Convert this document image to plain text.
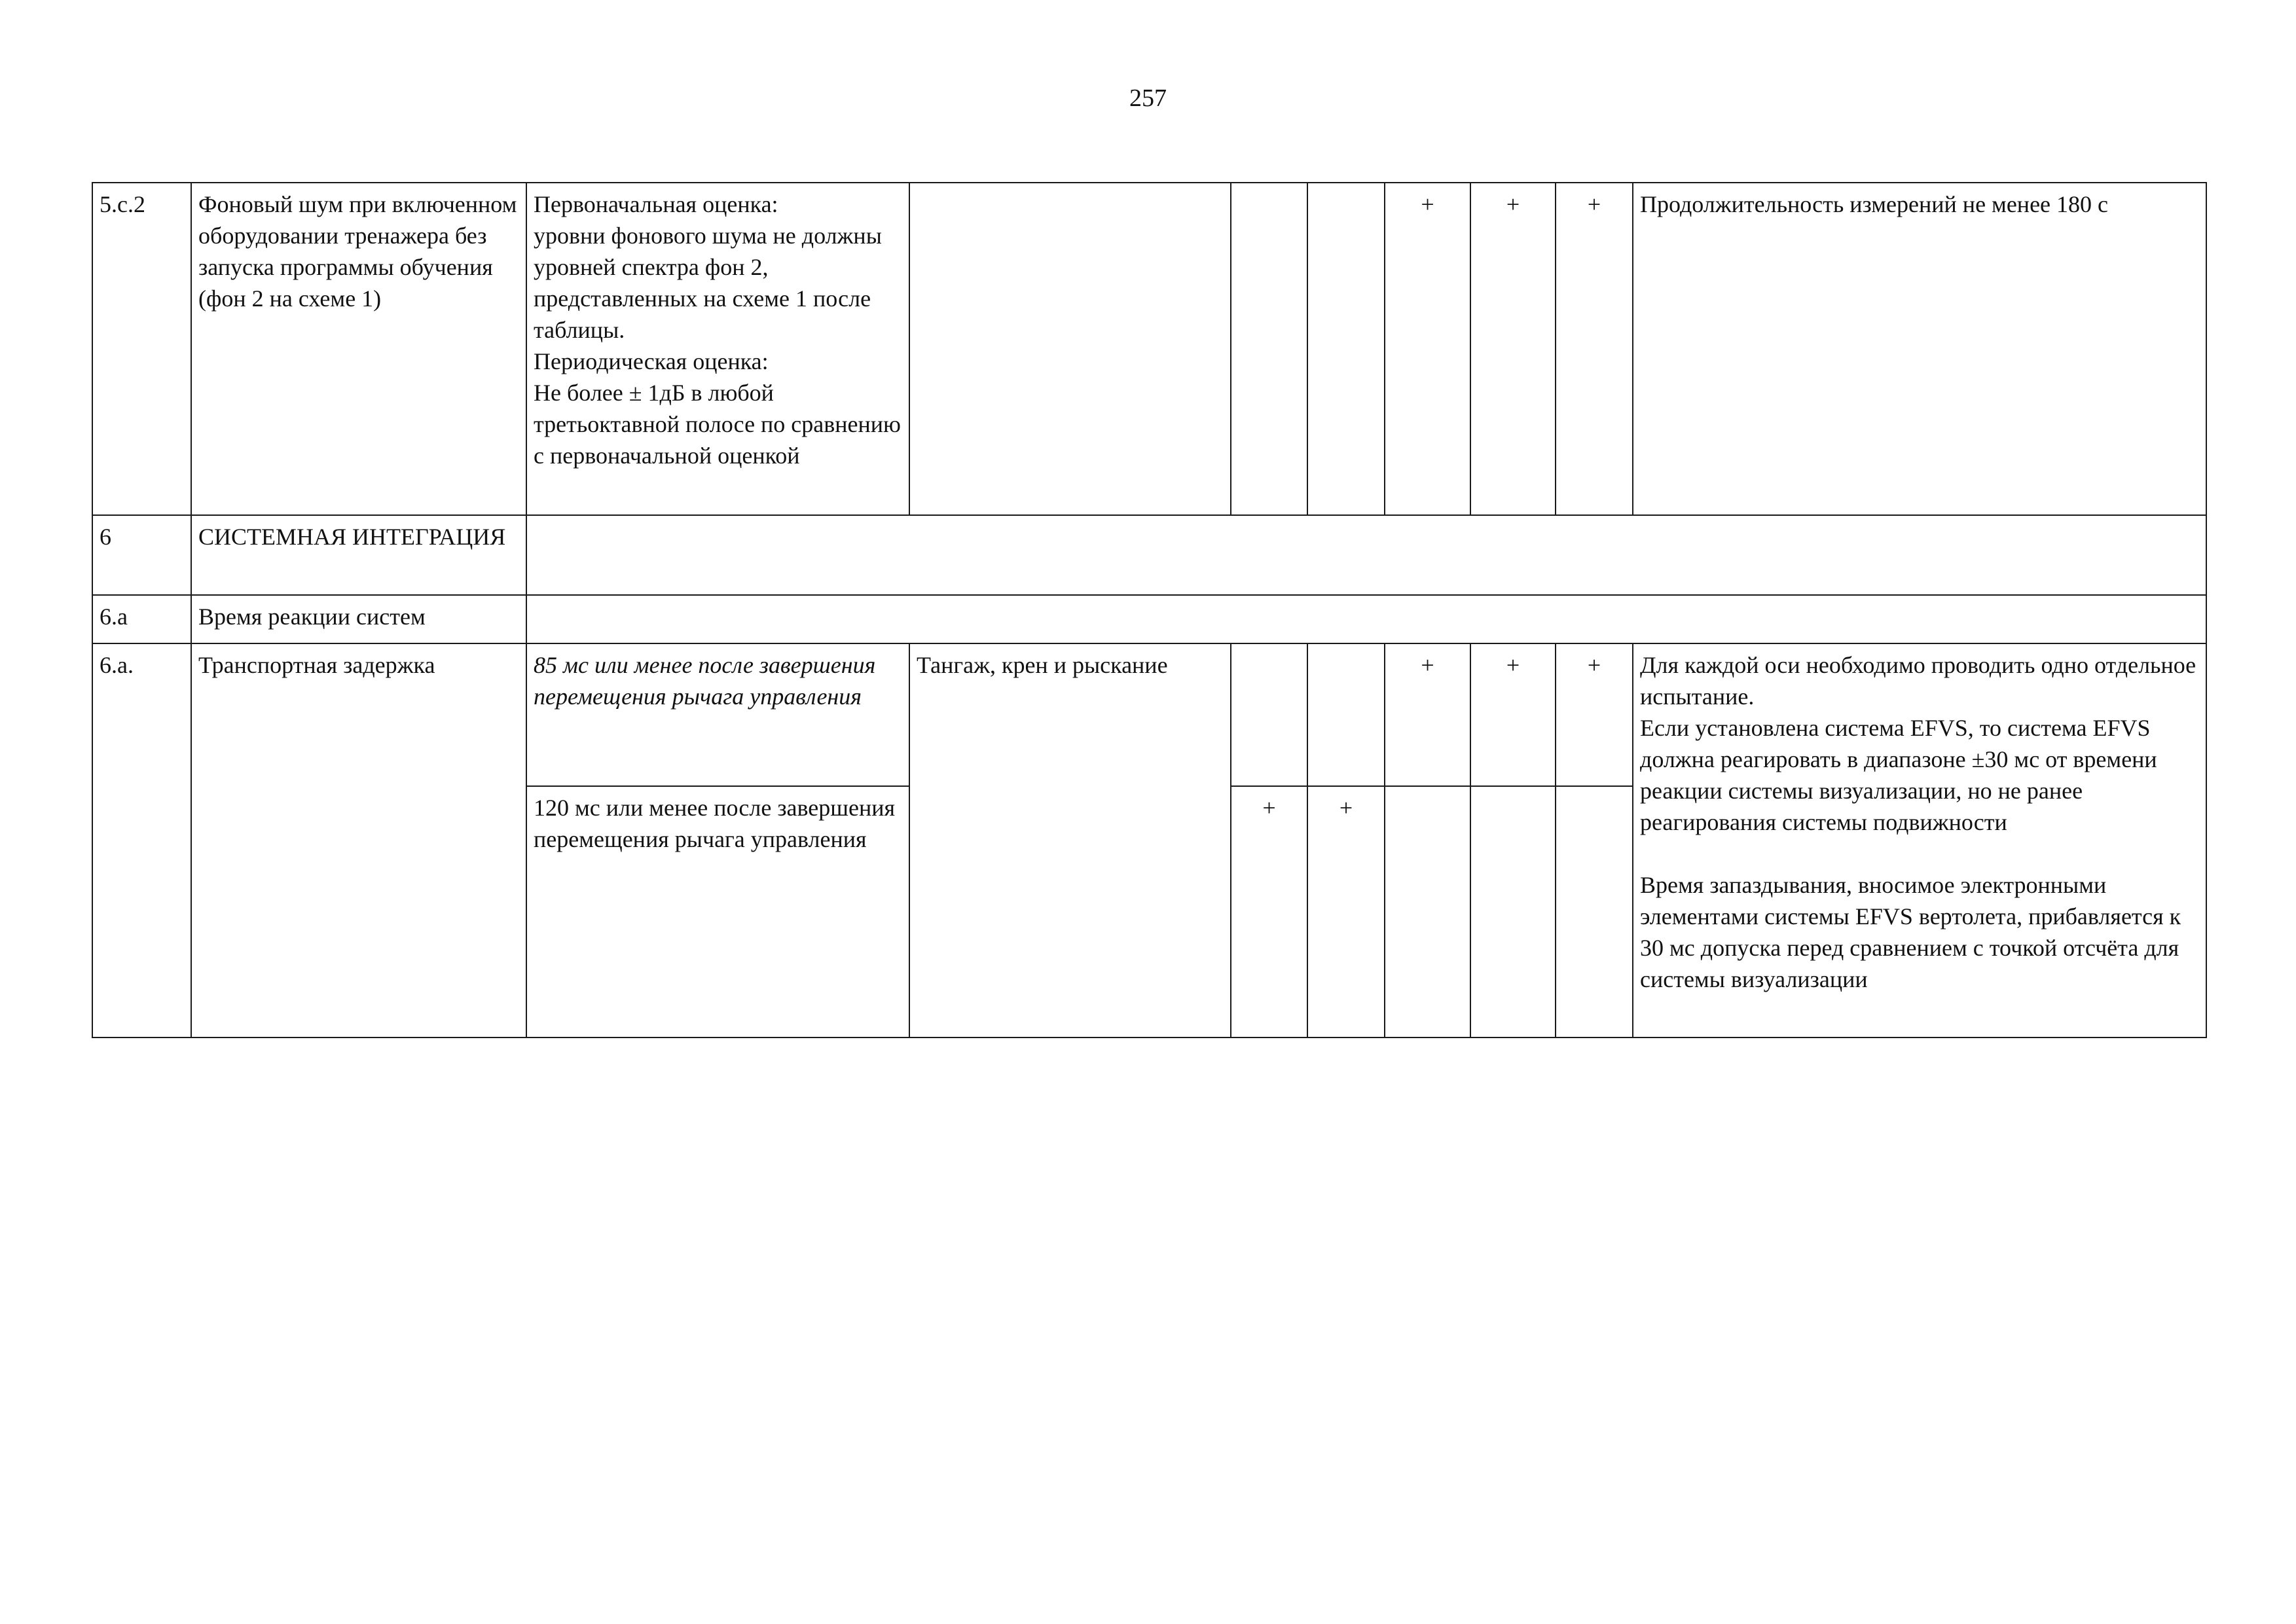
257
5.c.2	Фоновый шум при включенном оборудовании тренажера без запуска программы обучения (фон 2 на схеме 1)	Первоначальная оценка:
уровни фонового шума не должны уровней спектра фон 2, представленных на схеме 1 после таблицы.
Периодическая оценка:
Не более ± 1дБ в любой третьоктавной полосе по сравнению с первоначальной оценкой				+	+	+	Продолжительность измерений не менее 180 с
6	СИСТЕМНАЯ ИНТЕГРАЦИЯ								
6.а	Время реакции систем								
6.а.	Транспортная задержка	85 мс или менее после завершения перемещения рычага управления	Тангаж, крен и рыскание			+	+	+	Для каждой оси необходимо проводить одно отдельное испытание.
Если установлена система EFVS, то система EFVS должна реагировать в диапазоне ±30 мс от времени реакции системы визуализации, но не ранее реагирования системы подвижности

Время запаздывания, вносимое электронными элементами системы EFVS вертолета, прибавляется к 30 мс допуска перед сравнением с точкой отсчёта для системы визуализации
		120 мс или менее после завершения перемещения рычага управления		+	+				
